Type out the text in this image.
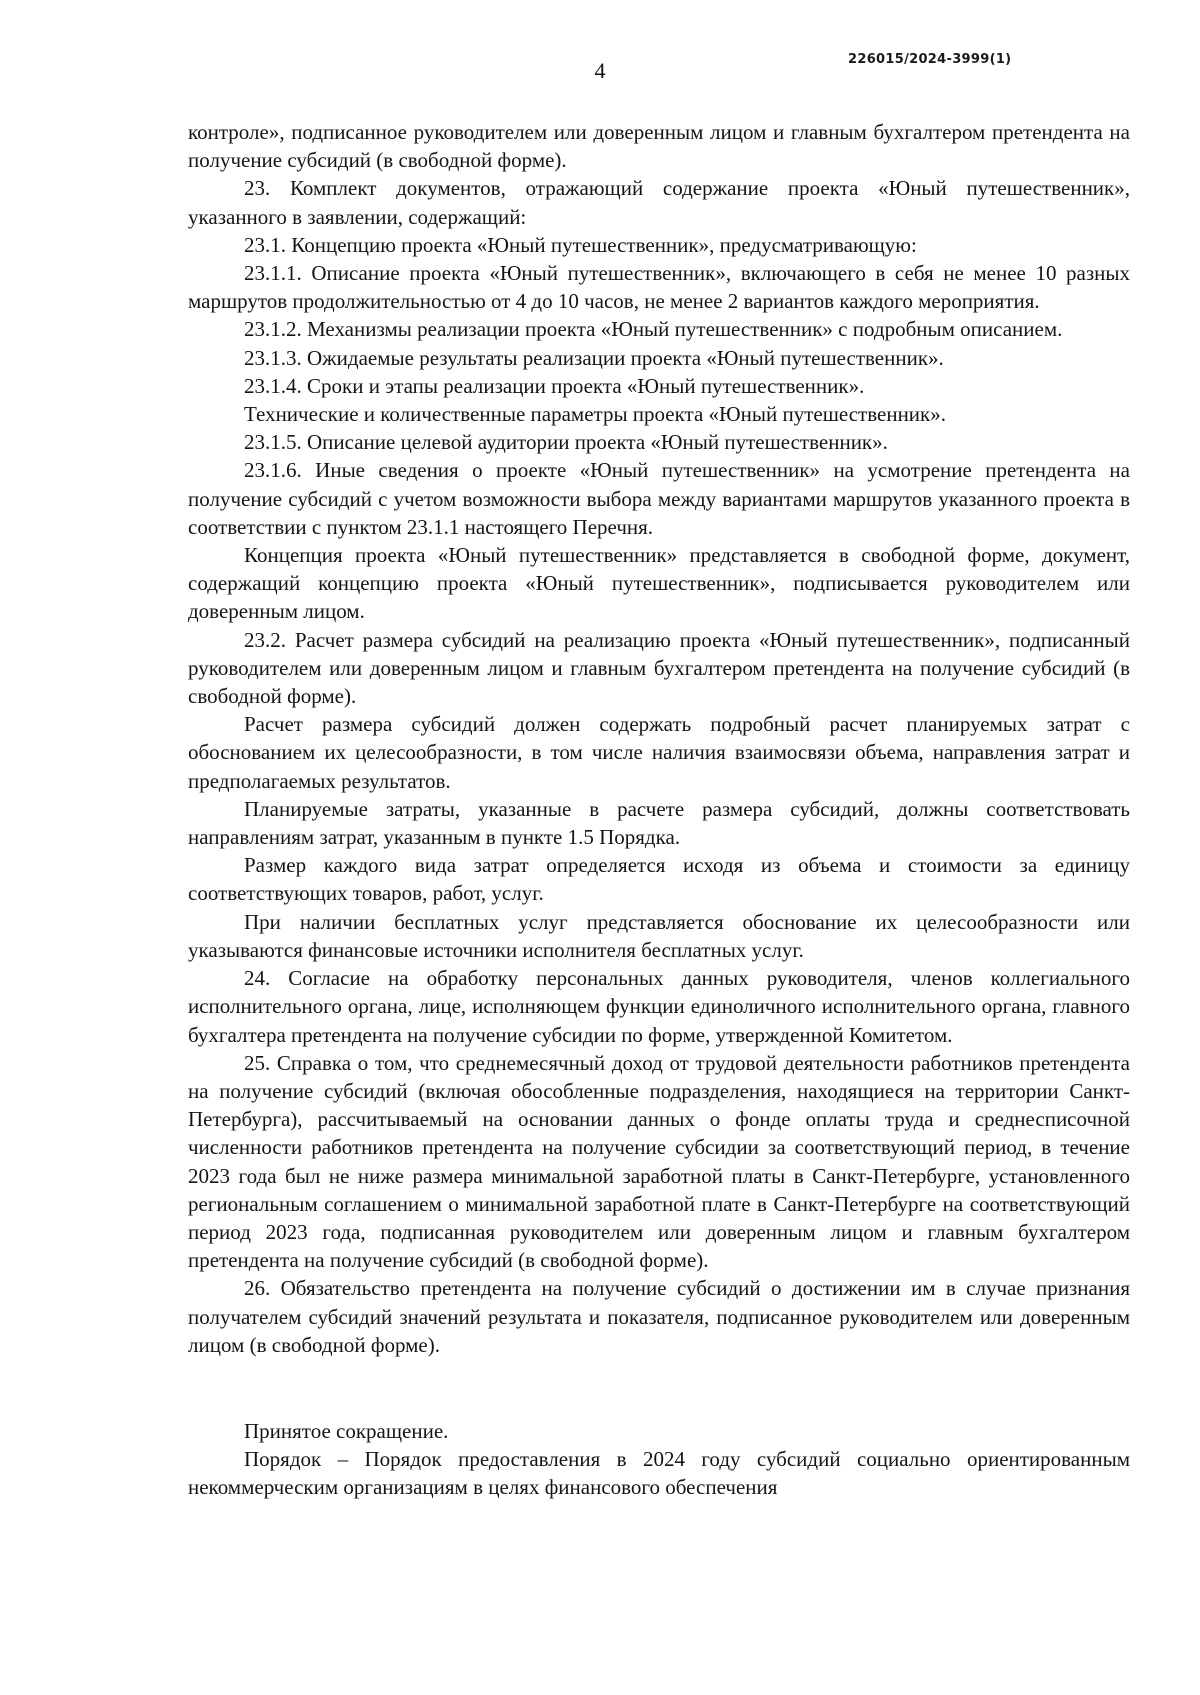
226015/2024-3999(1)
4

контроле», подписанное руководителем или доверенным лицом и главным бухгалтером претендента на получение субсидий (в свободной форме).

23. Комплект документов, отражающий содержание проекта «Юный путешественник», указанного в заявлении, содержащий:

23.1. Концепцию проекта «Юный путешественник», предусматривающую:

23.1.1. Описание проекта «Юный путешественник», включающего в себя не менее 10 разных маршрутов продолжительностью от 4 до 10 часов, не менее 2 вариантов каждого мероприятия.

23.1.2. Механизмы реализации проекта «Юный путешественник» с подробным описанием.

23.1.3. Ожидаемые результаты реализации проекта «Юный путешественник».

23.1.4. Сроки и этапы реализации проекта «Юный путешественник».

Технические и количественные параметры проекта «Юный путешественник».

23.1.5. Описание целевой аудитории проекта «Юный путешественник».

23.1.6. Иные сведения о проекте «Юный путешественник» на усмотрение претендента на получение субсидий с учетом возможности выбора между вариантами маршрутов указанного проекта в соответствии с пунктом 23.1.1 настоящего Перечня.

Концепция проекта «Юный путешественник» представляется в свободной форме, документ, содержащий концепцию проекта «Юный путешественник», подписывается руководителем или доверенным лицом.

23.2. Расчет размера субсидий на реализацию проекта «Юный путешественник», подписанный руководителем или доверенным лицом и главным бухгалтером претендента на получение субсидий (в свободной форме).

Расчет размера субсидий должен содержать подробный расчет планируемых затрат с обоснованием их целесообразности, в том числе наличия взаимосвязи объема, направления затрат и предполагаемых результатов.

Планируемые затраты, указанные в расчете размера субсидий, должны соответствовать направлениям затрат, указанным в пункте 1.5 Порядка.

Размер каждого вида затрат определяется исходя из объема и стоимости за единицу соответствующих товаров, работ, услуг.

При наличии бесплатных услуг представляется обоснование их целесообразности или указываются финансовые источники исполнителя бесплатных услуг.

24. Согласие на обработку персональных данных руководителя, членов коллегиального исполнительного органа, лице, исполняющем функции единоличного исполнительного органа, главного бухгалтера претендента на получение субсидии по форме, утвержденной Комитетом.

25. Справка о том, что среднемесячный доход от трудовой деятельности работников претендента на получение субсидий (включая обособленные подразделения, находящиеся на территории Санкт-Петербурга), рассчитываемый на основании данных о фонде оплаты труда и среднесписочной численности работников претендента на получение субсидии за соответствующий период, в течение 2023 года был не ниже размера минимальной заработной платы в Санкт-Петербурге, установленного региональным соглашением о минимальной заработной плате в Санкт-Петербурге на соответствующий период 2023 года, подписанная руководителем или доверенным лицом и главным бухгалтером претендента на получение субсидий (в свободной форме).

26. Обязательство претендента на получение субсидий о достижении им в случае признания получателем субсидий значений результата и показателя, подписанное руководителем или доверенным лицом (в свободной форме).

Принятое сокращение.

Порядок – Порядок предоставления в 2024 году субсидий социально ориентированным некоммерческим организациям в целях финансового обеспечения
